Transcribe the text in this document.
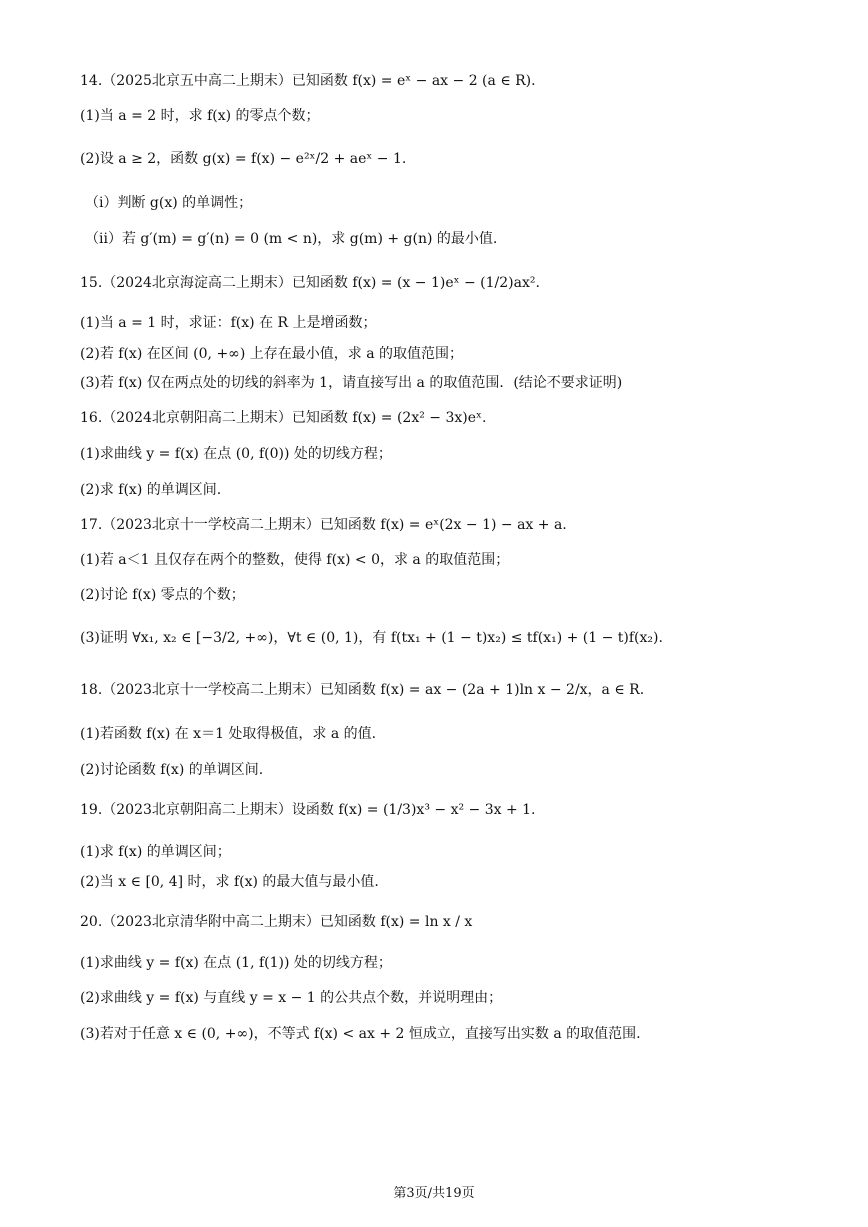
14.（2025北京五中高二上期末）已知函数 f(x) = eˣ − ax − 2 (a ∈ R).
(1)当 a = 2 时，求 f(x) 的零点个数；
(2)设 a ≥ 2，函数 g(x) = f(x) − e²ˣ/2 + aeˣ − 1.
（i）判断 g(x) 的单调性；
（ii）若 g′(m) = g′(n) = 0 (m < n)，求 g(m) + g(n) 的最小值.
15.（2024北京海淀高二上期末）已知函数 f(x) = (x − 1)eˣ − (1/2)ax².
(1)当 a = 1 时，求证：f(x) 在 R 上是增函数；
(2)若 f(x) 在区间 (0, +∞) 上存在最小值，求 a 的取值范围；
(3)若 f(x) 仅在两点处的切线的斜率为 1，请直接写出 a 的取值范围．(结论不要求证明)
16.（2024北京朝阳高二上期末）已知函数 f(x) = (2x² − 3x)eˣ.
(1)求曲线 y = f(x) 在点 (0, f(0)) 处的切线方程；
(2)求 f(x) 的单调区间.
17.（2023北京十一学校高二上期末）已知函数 f(x) = eˣ(2x − 1) − ax + a.
(1)若 a＜1 且仅存在两个的整数，使得 f(x) < 0，求 a 的取值范围；
(2)讨论 f(x) 零点的个数；
(3)证明 ∀x₁, x₂ ∈ [−3/2, +∞)，∀t ∈ (0, 1)，有 f(tx₁ + (1 − t)x₂) ≤ tf(x₁) + (1 − t)f(x₂).
18.（2023北京十一学校高二上期末）已知函数 f(x) = ax − (2a + 1)ln x − 2/x，a ∈ R.
(1)若函数 f(x) 在 x＝1 处取得极值，求 a 的值.
(2)讨论函数 f(x) 的单调区间.
19.（2023北京朝阳高二上期末）设函数 f(x) = (1/3)x³ − x² − 3x + 1.
(1)求 f(x) 的单调区间；
(2)当 x ∈ [0, 4] 时，求 f(x) 的最大值与最小值.
20.（2023北京清华附中高二上期末）已知函数 f(x) = ln x / x
(1)求曲线 y = f(x) 在点 (1, f(1)) 处的切线方程；
(2)求曲线 y = f(x) 与直线 y = x − 1 的公共点个数，并说明理由；
(3)若对于任意 x ∈ (0, +∞)，不等式 f(x) < ax + 2 恒成立，直接写出实数 a 的取值范围.
第3页/共19页
